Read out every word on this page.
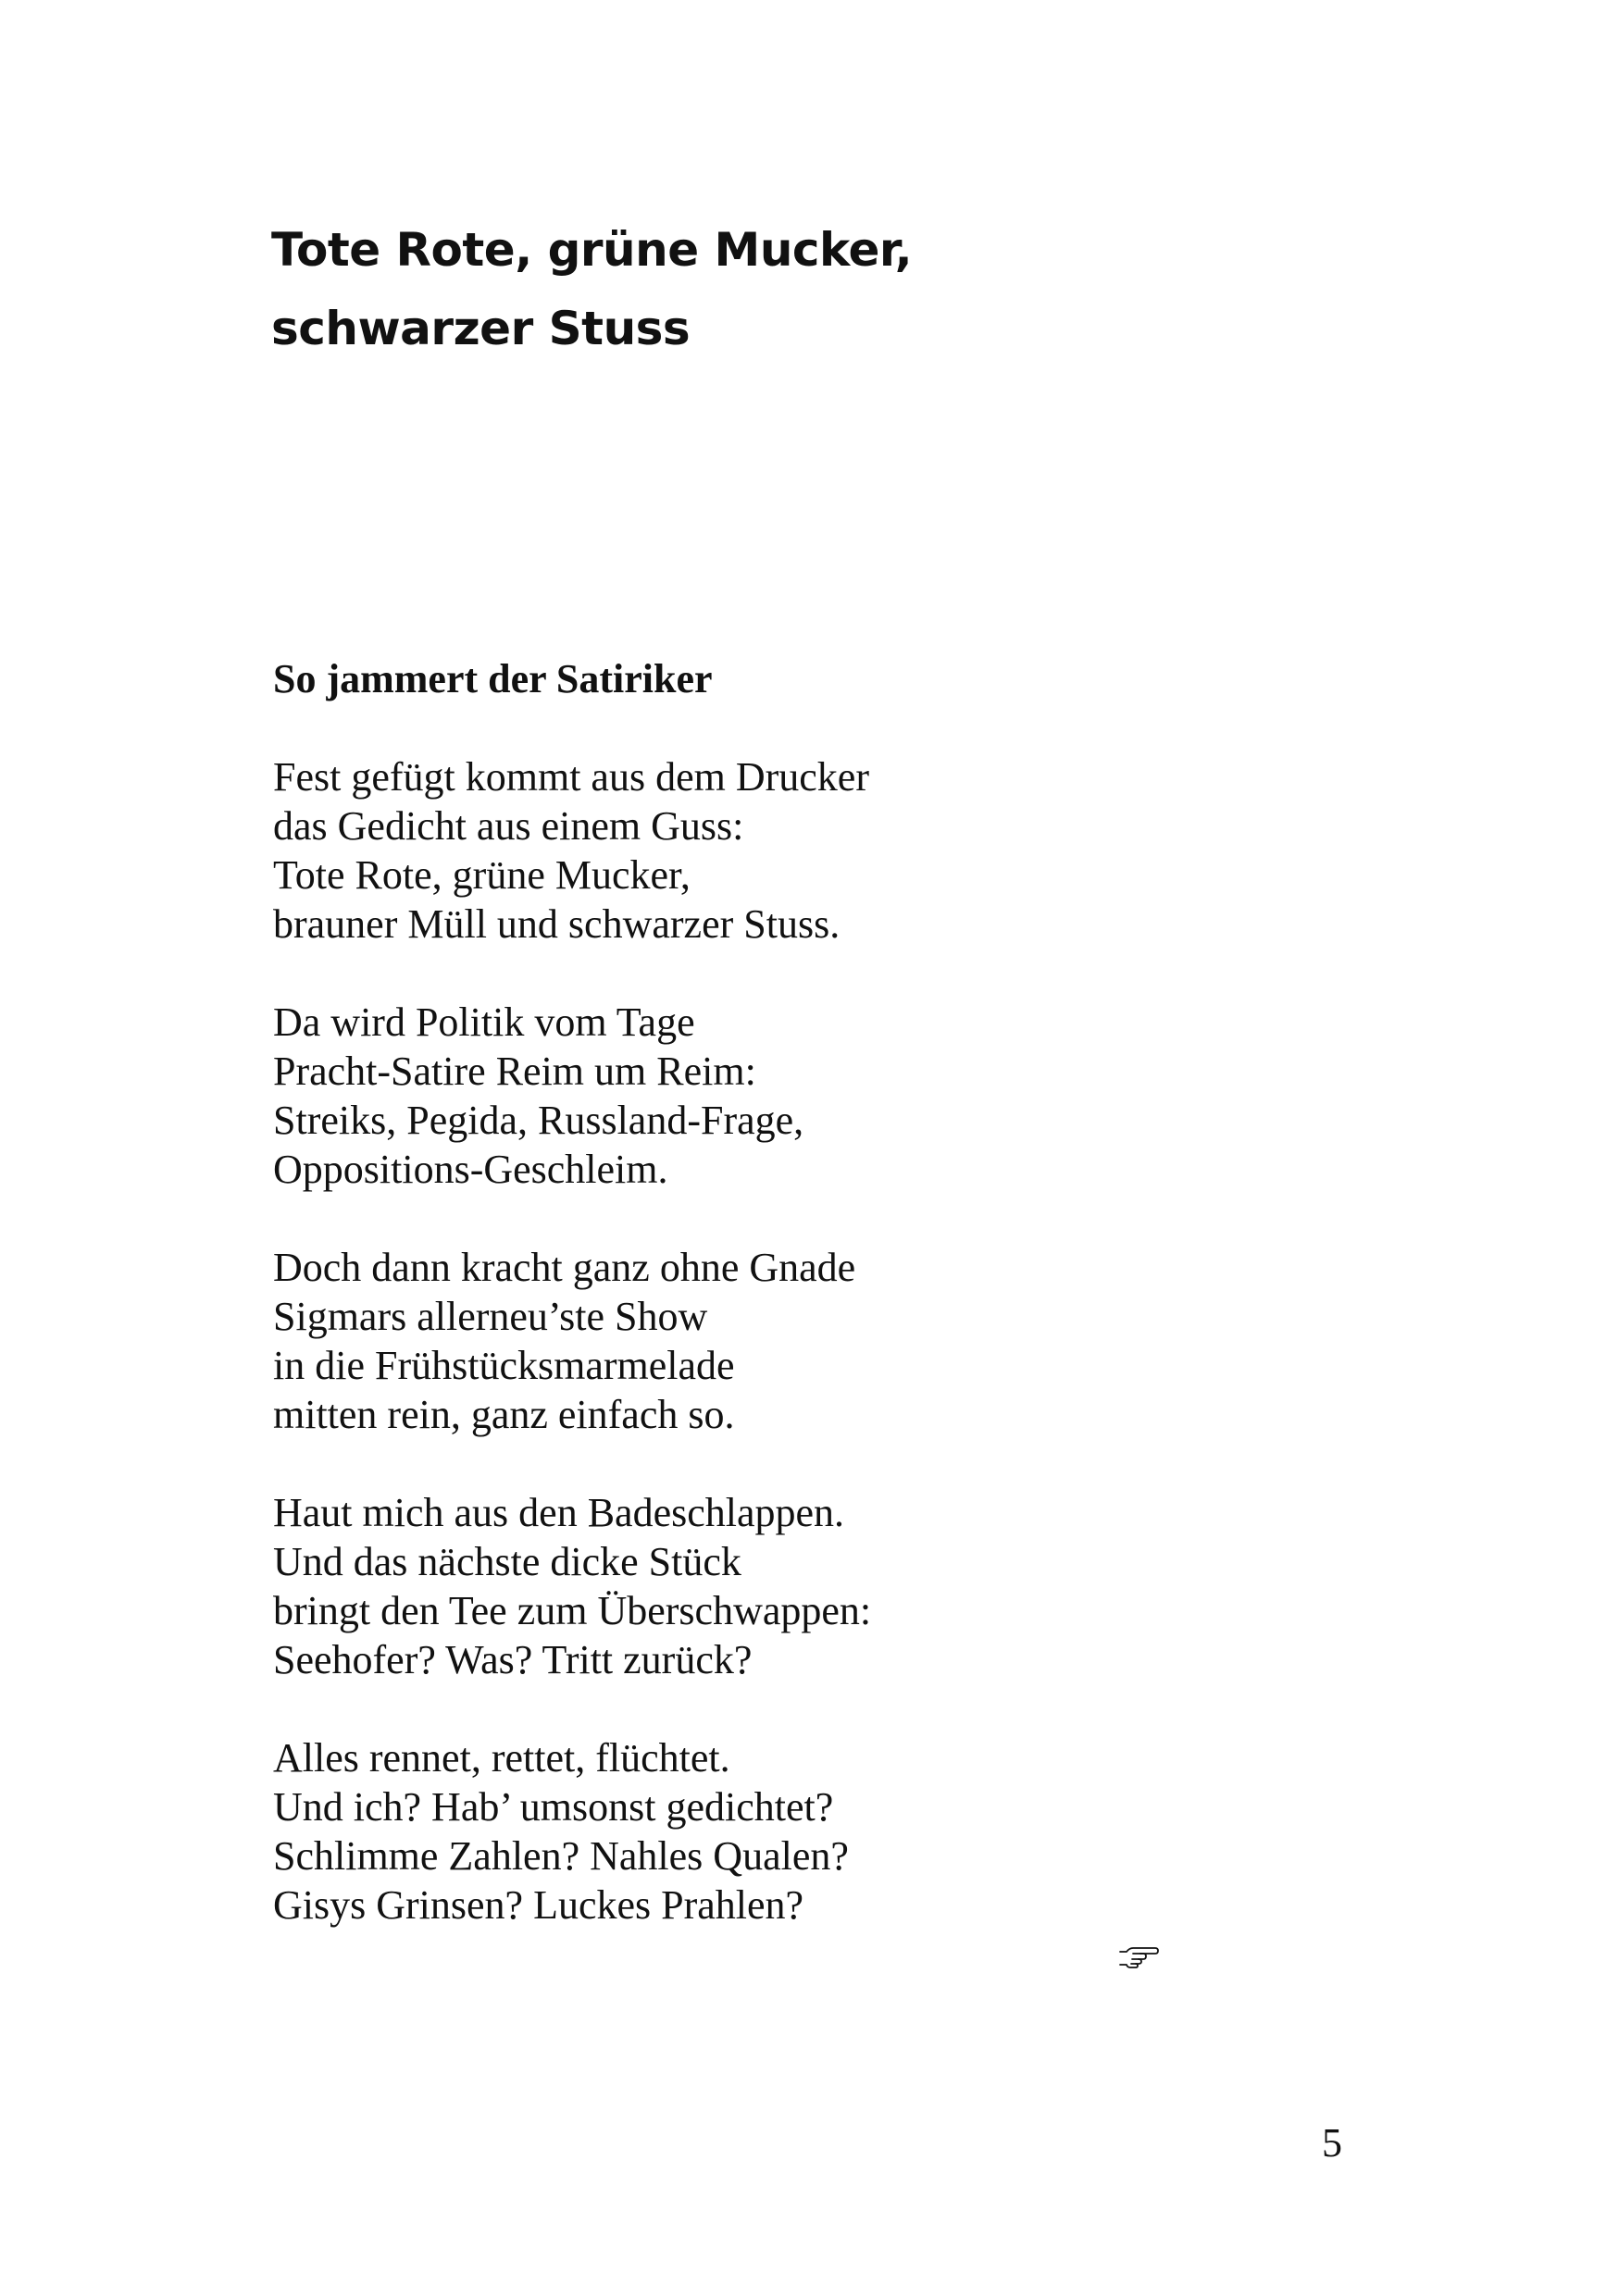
Tote Rote, grüne Mucker,
schwarzer Stuss
So jammert der Satiriker

Fest gefügt kommt aus dem Drucker
das Gedicht aus einem Guss:
Tote Rote, grüne Mucker,
brauner Müll und schwarzer Stuss.

Da wird Politik vom Tage
Pracht-Satire Reim um Reim:
Streiks, Pegida, Russland-Frage,
Oppositions-Geschleim.

Doch dann kracht ganz ohne Gnade
Sigmars allerneu’ste Show
in die Frühstücksmarmelade
mitten rein, ganz einfach so.

Haut mich aus den Badeschlappen.
Und das nächste dicke Stück
bringt den Tee zum Überschwappen:
Seehofer? Was? Tritt zurück?

Alles rennet, rettet, flüchtet.
Und ich? Hab’ umsonst gedichtet?
Schlimme Zahlen? Nahles Qualen?
Gisys Grinsen? Luckes Prahlen?

5
